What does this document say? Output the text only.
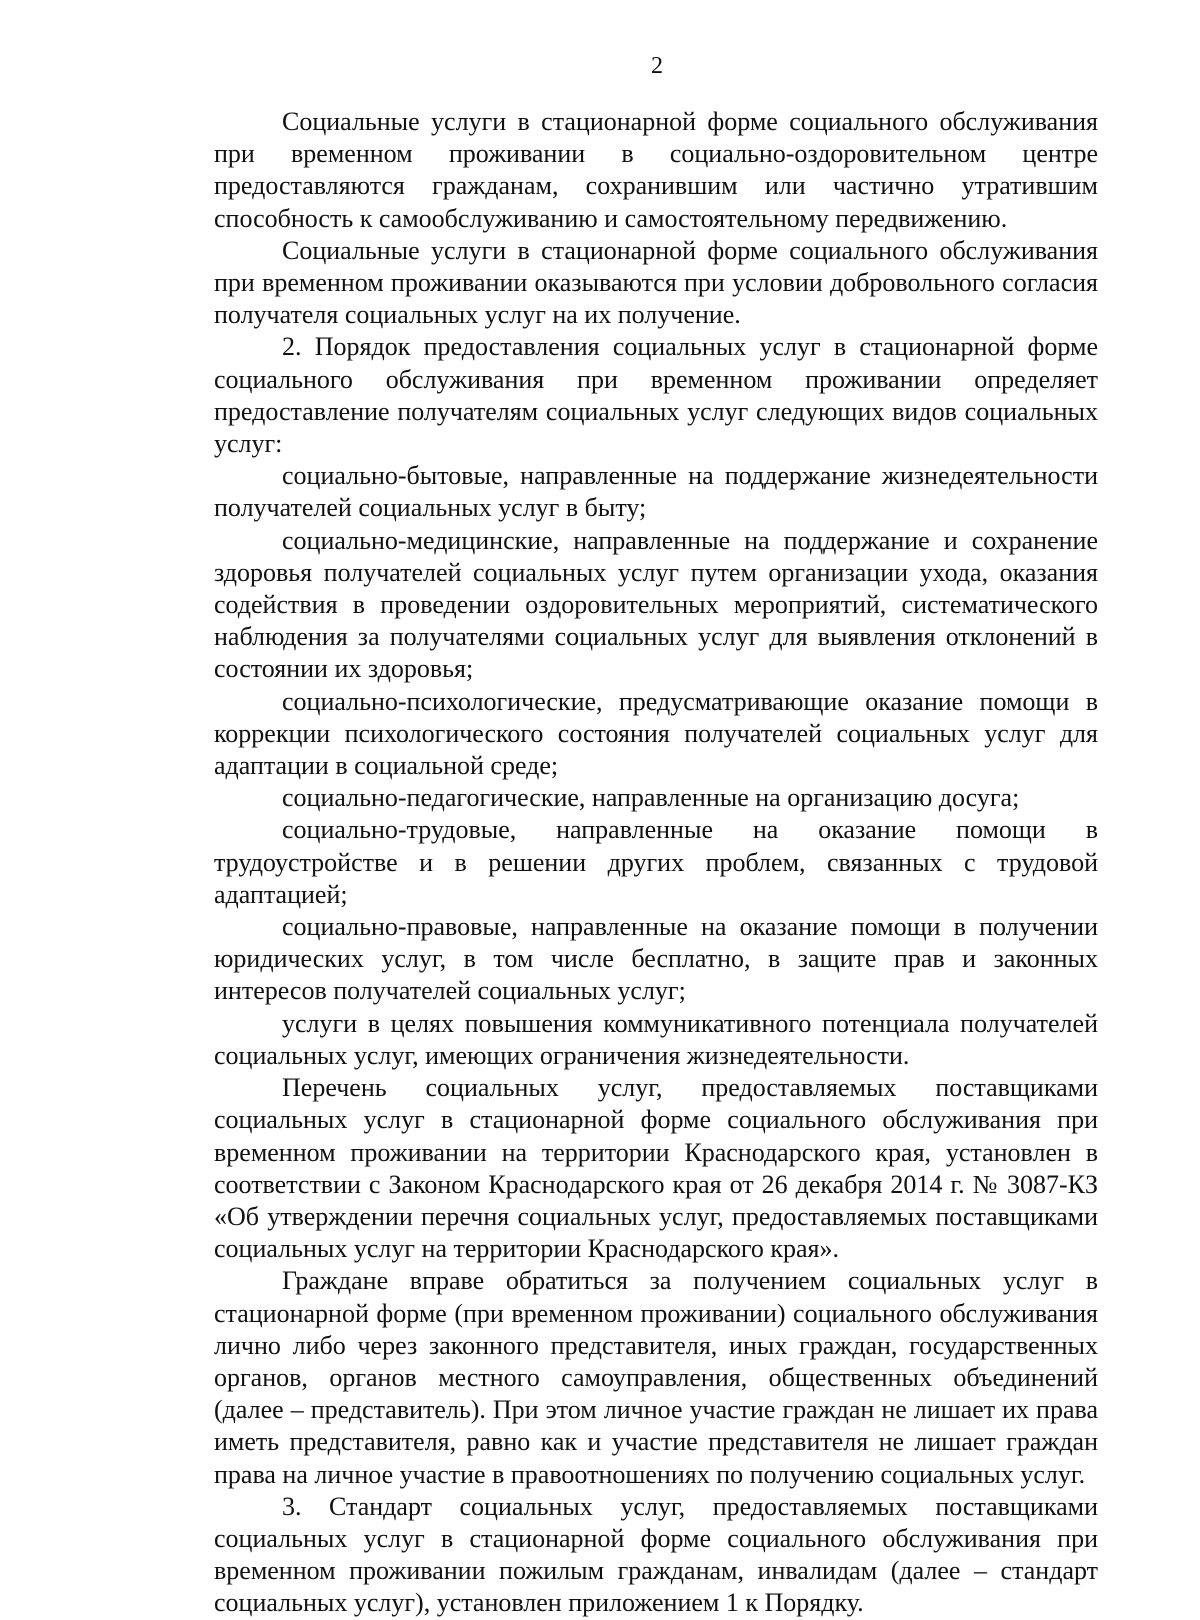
2

Социальные услуги в стационарной форме социального обслуживания при временном проживании в социально-оздоровительном центре предоставляются гражданам, сохранившим или частично утратившим способность к самообслуживанию и самостоятельному передвижению.

Социальные услуги в стационарной форме социального обслуживания при временном проживании оказываются при условии добровольного согласия получателя социальных услуг на их получение.

2. Порядок предоставления социальных услуг в стационарной форме социального обслуживания при временном проживании определяет предоставление получателям социальных услуг следующих видов социальных услуг:

социально-бытовые, направленные на поддержание жизнедеятельности получателей социальных услуг в быту;

социально-медицинские, направленные на поддержание и сохранение здоровья получателей социальных услуг путем организации ухода, оказания содействия в проведении оздоровительных мероприятий, систематического наблюдения за получателями социальных услуг для выявления отклонений в состоянии их здоровья;

социально-психологические, предусматривающие оказание помощи в коррекции психологического состояния получателей социальных услуг для адаптации в социальной среде;

социально-педагогические, направленные на организацию досуга;

социально-трудовые, направленные на оказание помощи в трудоустройстве и в решении других проблем, связанных с трудовой адаптацией;

социально-правовые, направленные на оказание помощи в получении юридических услуг, в том числе бесплатно, в защите прав и законных интересов получателей социальных услуг;

услуги в целях повышения коммуникативного потенциала получателей социальных услуг, имеющих ограничения жизнедеятельности.

Перечень социальных услуг, предоставляемых поставщиками социальных услуг в стационарной форме социального обслуживания при временном проживании на территории Краснодарского края, установлен в соответствии с Законом Краснодарского края от 26 декабря 2014 г. № 3087-КЗ «Об утверждении перечня социальных услуг, предоставляемых поставщиками социальных услуг на территории Краснодарского края».

Граждане вправе обратиться за получением социальных услуг в стационарной форме (при временном проживании) социального обслуживания лично либо через законного представителя, иных граждан, государственных органов, органов местного самоуправления, общественных объединений (далее – представитель). При этом личное участие граждан не лишает их права иметь представителя, равно как и участие представителя не лишает граждан права на личное участие в правоотношениях по получению социальных услуг.

3. Стандарт социальных услуг, предоставляемых поставщиками социальных услуг в стационарной форме социального обслуживания при временном проживании пожилым гражданам, инвалидам (далее – стандарт социальных услуг), установлен приложением 1 к Порядку.
